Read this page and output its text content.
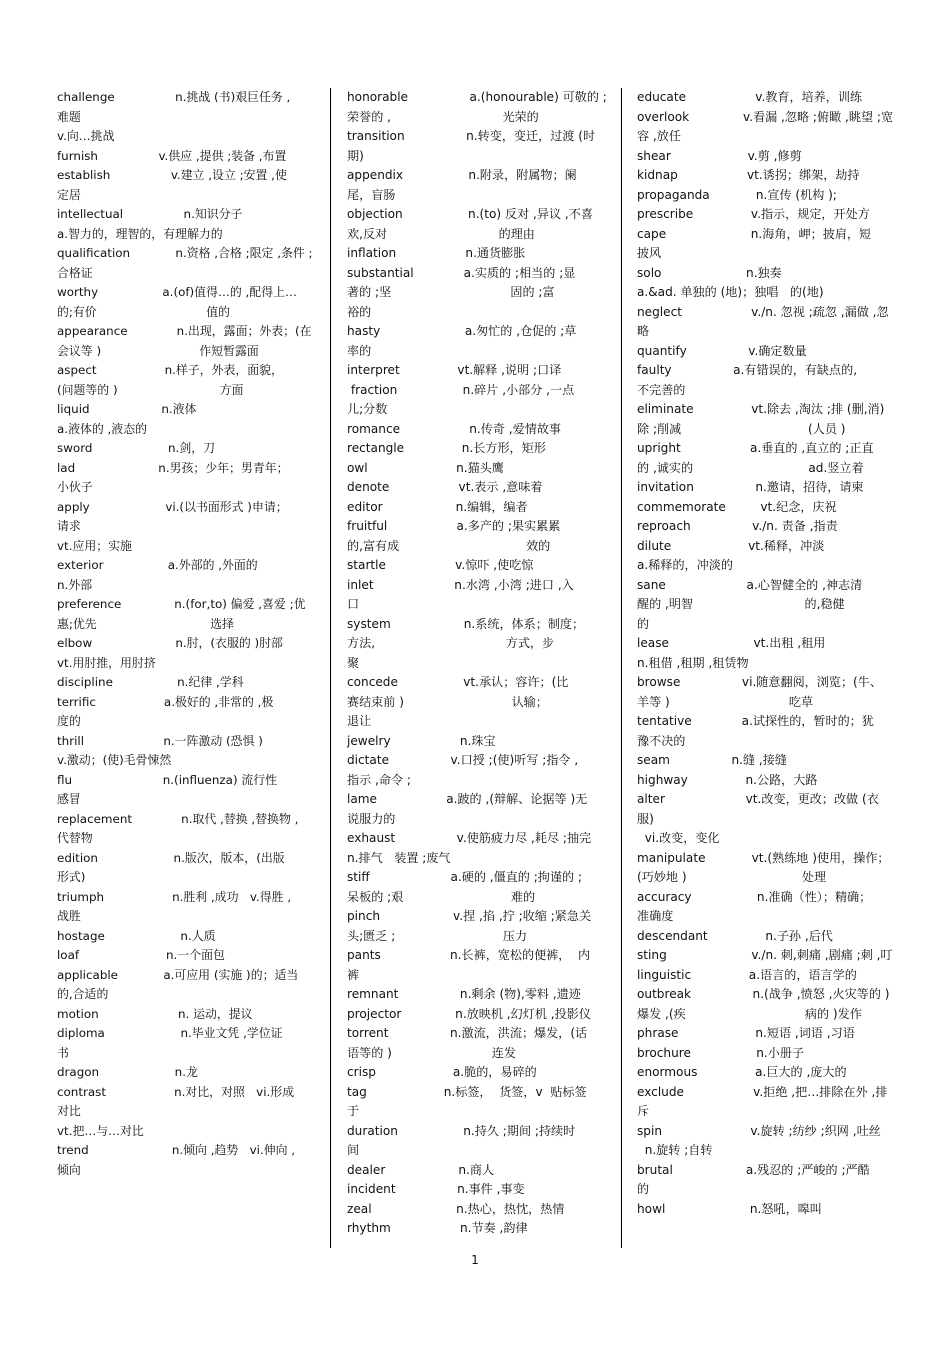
challenge                n.挑战 (书)艰巨任务 ,
难题
v.向…挑战
furnish                v.供应 ,提供 ;装备 ,布置
establish                v.建立 ,设立 ;安置 ,使
定居
intellectual                n.知识分子
a.智力的，理智的，有理解力的
qualification            n.资格 ,合格 ;限定 ,条件 ;
合格证
worthy                 a.(of)值得…的 ,配得上…
的;有价                             值的
appearance             n.出现，露面；外表；(在
会议等 )                          作短暂露面
aspect                  n.样子，外表，面貌，
(问题等的 )                           方面
liquid                   n.液体
a.液体的 ,液态的
sword                    n.剑，刀
lad                      n.男孩；少年；男青年；
小伙子
apply                    vi.(以书面形式 )申请；
请求
vt.应用；实施
exterior                 a.外部的 ,外面的
n.外部
preference              n.(for,to) 偏爱 ,喜爱 ;优
惠;优先                              选择
elbow                      n.肘，(衣服的 )肘部
vt.用肘推，用肘挤
discipline                 n.纪律 ,学科
terrific                  a.极好的 ,非常的 ,极
度的
thrill                     n.一阵激动 (恐惧 )
v.激动；(使)毛骨悚然
flu                        n.(influenza) 流行性
感冒
replacement             n.取代 ,替换 ,替换物 ,
代替物
edition                    n.版次，版本，(出版
形式)
triumph                  n.胜利 ,成功   v.得胜 ,
战胜
hostage                    n.人质
loaf                       n.一个面包
applicable            a.可应用 (实施 )的；适当
的,合适的
motion                     n. 运动，提议
diploma                    n.毕业文凭 ,学位证
书
dragon                    n.龙
contrast                  n.对比，对照   vi.形成
对比
vt.把…与…对比
trend                      n.倾向 ,趋势   vi.伸向 ,
倾向
honorable                a.(honourable) 可敬的 ;
荣誉的 ,                             光荣的
transition                n.转变，变迁，过渡 (时
期)
appendix                 n.附录，附属物；阑
尾，盲肠
objection                 n.(to) 反对 ,异议 ,不喜
欢,反对                             的理由
inflation                  n.通货膨胀
substantial             a.实质的 ;相当的 ;显
著的 ;坚                               固的 ;富
裕的
hasty                      a.匆忙的 ,仓促的 ;草
率的
interpret               vt.解释 ,说明 ;口译
fraction                 n.碎片 ,小部分 ,一点
儿;分数
romance                  n.传奇 ,爱情故事
rectangle               n.长方形，矩形
owl                       n.猫头鹰
denote                  vt.表示 ,意味着
editor                   n.编辑，编者
fruitful                  a.多产的 ;果实累累
的,富有成                                 效的
startle                  v.惊吓 ,使吃惊
inlet                     n.水湾 ,小湾 ;进口 ,入
口
system                   n.系统，体系；制度；
方法,                                  方式，步
聚
concede                 vt.承认；容许；(比
赛结束前 )                            认输；
退让
jewelry                  n.珠宝
dictate                v.口授 ;(使)听写 ;指令 ,
指示 ,命令 ;
lame                  a.跛的 ,(辩解、论据等 )无
说服力的
exhaust                v.使筋疲力尽 ,耗尽 ;抽完
n.排气   装置 ;废气
stiff                     a.硬的 ,僵直的 ;拘谨的 ;
呆板的 ;艰                            难的
pinch                   v.捏 ,掐 ,拧 ;收缩 ;紧急关
头;匮乏 ;                            压力
pants                  n.长裤，宽松的便裤，  内
裤
remnant                n.剩余 (物),零料 ,遗迹
projector              n.放映机 ,幻灯机 ,投影仪
torrent                n.激流，洪流；爆发，(话
语等的 )                          连发
crisp                    a.脆的，易碎的
tag                    n.标签，  货签，v  贴标签
于
duration                 n.持久 ;期间 ;持续时
间
dealer                   n.商人
incident                n.事件 ,事变
zeal                      n.热心，热忱，热情
rhythm                  n.节奏 ,韵律
educate                  v.教育，培养，训练
overlook              v.看漏 ,忽略 ;俯瞰 ,眺望 ;宽
容 ,放任
shear                    v.剪 ,修剪
kidnap                  vt.诱拐；绑架，劫持
propaganda            n.宣传 (机构 );
prescribe               v.指示，规定，开处方
cape                      n.海角，岬；披肩，短
披风
solo                      n.独奏
a.&ad. 单独的 (地)；独唱   的(地)
neglect                  v./n. 忽视 ;疏忽 ,漏做 ,忽
略
quantify                v.确定数量
faulty                a.有错误的，有缺点的,
不完善的
eliminate               vt.除去 ,淘汰 ;排 (删,消)
除 ;削减                                 (人员 )
upright                  a.垂直的 ,直立的 ;正直
的 ,诚实的                              ad.竖立着
invitation                n.邀请，招待，请柬
commemorate         vt.纪念，庆祝
reproach                v./n. 责备 ,指责
dilute                    vt.稀释，冲淡
a.稀释的，冲淡的
sane                     a.心智健全的 ,神志清
醒的 ,明智                             的,稳健
的
lease                      vt.出租 ,租用
n.租借 ,租期 ,租赁物
browse                vi.随意翻阅，浏览；(牛、
羊等 )                               吃草
tentative             a.试探性的，暂时的；犹
豫不决的
seam                n.缝 ,接缝
highway               n.公路，大路
alter                     vt.改变，更改；改做 (衣
服)
vi.改变，变化
manipulate            vt.(熟练地 )使用，操作；
(巧妙地 )                              处理
accuracy                 n.准确（性）；精确；
准确度
descendant               n.子孙 ,后代
sting                      v./n. 刺,刺痛 ,剧痛 ;刺 ,叮
linguistic               a.语言的，语言学的
outbreak                n.(战争 ,愤怒 ,火灾等的 )
爆发 ,(疾                               病的 )发作
phrase                    n.短语 ,词语 ,习语
brochure                 n.小册子
enormous               a.巨大的 ,庞大的
exclude                  v.拒绝 ,把…排除在外 ,排
斥
spin                       v.旋转 ;纺纱 ;织网 ,吐丝
n.旋转 ;自转
brutal                   a.残忍的 ;严峻的 ;严酷
的
howl                      n.怒吼，嗥叫
1
